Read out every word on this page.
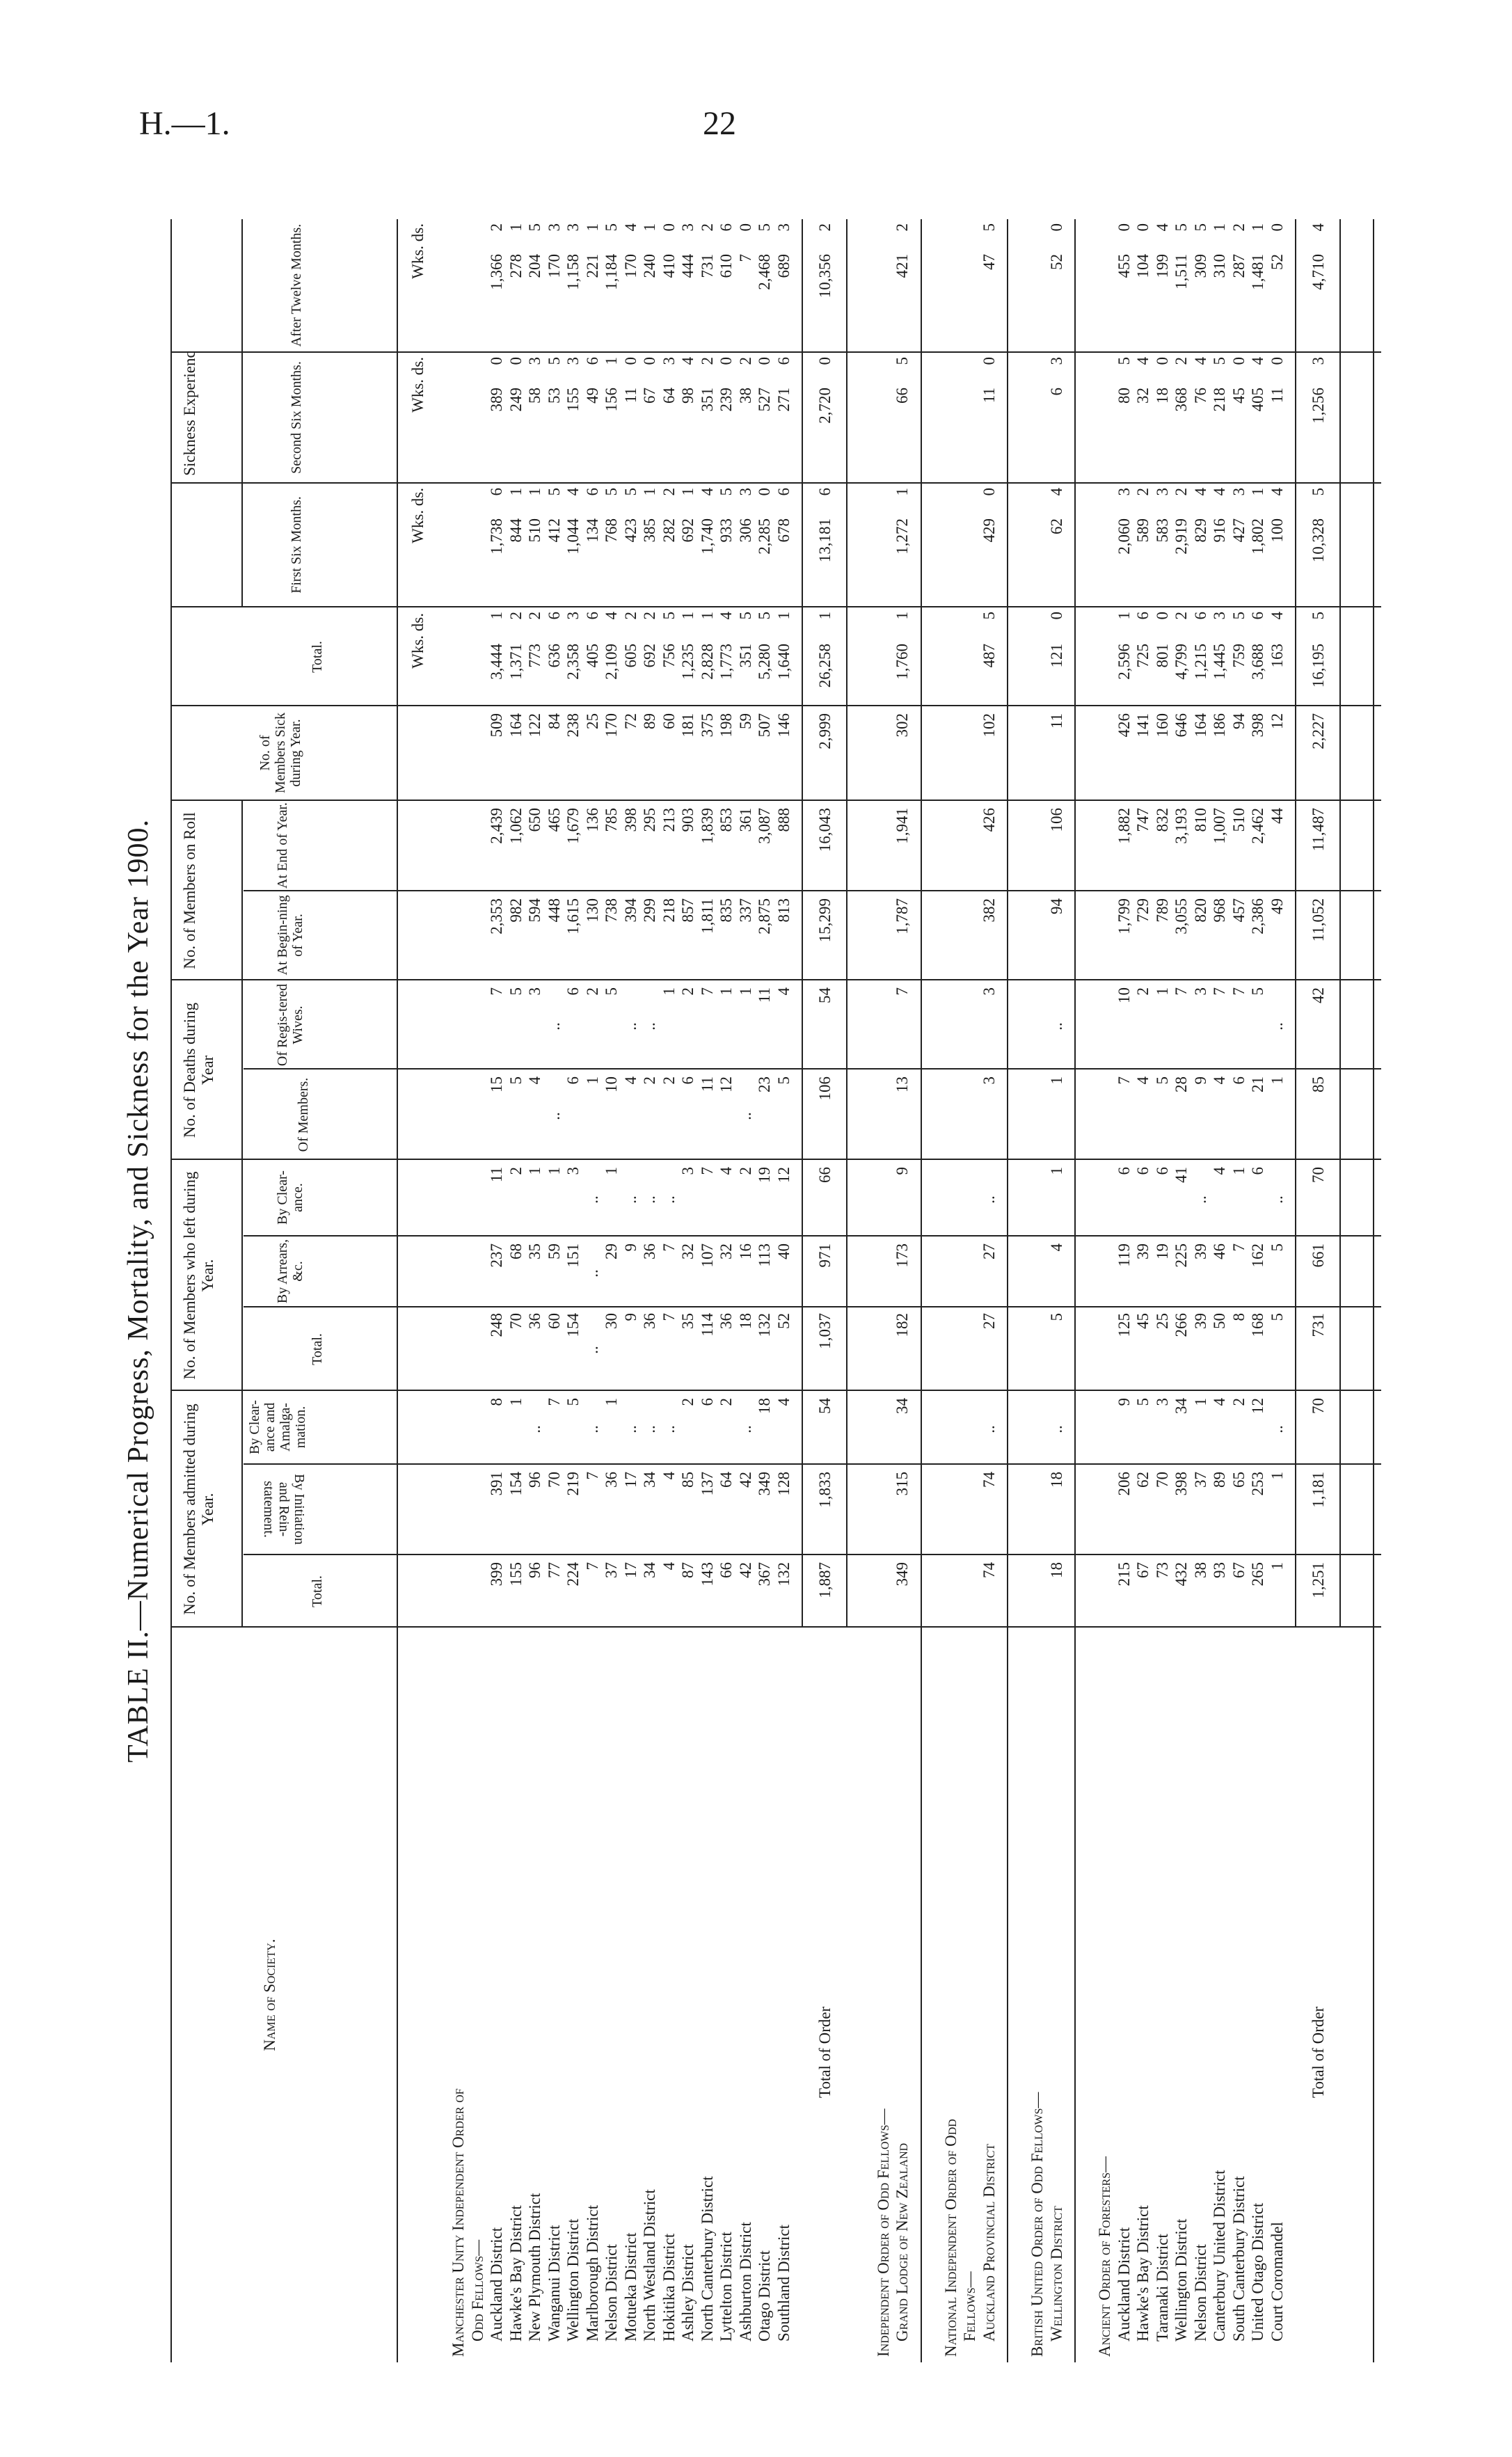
H.—1.	22
TABLE II.—Numerical Progress, Mortality, and Sickness for the Year 1900.
Name of Society.
No. of Members admitted during Year.
Total.
By Initiation and Rein-statement.
By Clear-ance and Amalga-mation.
No. of Members who left during Year.
Total.
By Arrears, &c.
By Clear-ance.
No. of Deaths during Year
Of Members.
Of Regis-tered Wives.
No. of Members on Roll	At Begin-ning of Year.
At End of Year.
No. of Members Sick during Year.
Sickness Experienc
Total.
First Six Months.
Second Six Months.
After Twelve Months.
Wks. ds.
Wks. ds.
Wks. ds.
Wks. ds.
Manchester Unity Independent Order of Odd Fellows— Auckland District
399
391
8
248
237
11
15
7
2,353
2,439
509
3,444
1
1,738
6
389
0
1,366
2
Hawke's Bay District
155
154
1
70
68
2
5
5
982
1,062
164
1,371
2
844
1
249
0
278
1
New Plymouth District
96
96
..
36
35
1
4
3
594
650
122
773
2
510
1
58
3
204
5
Wanganui District
77
70
7
60
59
1
..
..
448
465
84
636
6
412
5
53
5
170
3
Wellington District
224
219
5
154
151
3
6
6
1,615
1,679
238
2,358
3
1,044
4
155
3
1,158
3
Marlborough District
7
7
..
..
..
..
1
2
130
136
25
405
6
134
6
49
6
221
1
Nelson District
37
36
1
30
29
1
10
5
738
785
170
2,109
4
768
5
156
1
1,184
5
Motueka District
17
17
..
9
9
..
4
..
394
398
72
605
2
423
5
11
0
170
4
North Westland District
34
34
..
36
36
..
2
..
299
295
89
692
2
385
1
67
0
240
1
Hokitika District
4
4
..
7
7
..
2
1
218
213
60
756
5
282
2
64
3
410
0
Ashley District
87
85
2
35
32
3
6
2
857
903
181
1,235
1
692
1
98
4
444
3
North Canterbury District
143
137
6
114
107
7
11
7
1,811
1,839
375
2,828
1
1,740
4
351
2
731
2
Lyttelton District
66
64
2
36
32
4
12
1
835
853
198
1,773
4
933
5
239
0
610
6
Ashburton District
42
42
..
18
16
2
..
1
337
361
59
351
5
306
3
38
2
7
0
Otago District
367
349
18
132
113
19
23
11
2,875
3,087
507
5,280
5
2,285
0
527
0
2,468
5
Southland District
132
128
4
52
40
12
5
4
813
888
146
1,640
1
678
6
271
6
689
3
Total of Order
1,887
1,833
54
1,037
971
66
106
54
15,299
16,043
2,999
26,258
1
13,181
6
2,720
0
10,356
2
Independent Order of Odd Fellows— Grand Lodge of New Zealand
349
315
34
182
173
9
13
7
1,787
1,941
302
1,760
1
1,272
1
66
5
421
2
National Independent Order of Odd Fellows— Auckland Provincial District
74
74
..
27
27
..
3
3
382
426
102
487
5
429
0
11
0
47
5
British United Order of Odd Fellows— Wellington District
18
18
..
5
4
1
1
..
94
106
11
121
0
62
4
6
3
52
0
Ancient Order of Foresters— Auckland District
215
206
9
125
119
6
7
10
1,799
1,882
426
2,596
1
2,060
3
80
5
455
0
Hawke's Bay District
67
62
5
45
39
6
4
2
729
747
141
725
6
589
2
32
4
104
0
Taranaki District
73
70
3
25
19
6
5
1
789
832
160
801
0
583
3
18
0
199
4
Wellington District
432
398
34
266
225
41
28
7
3,055
3,193
646
4,799
2
2,919
2
368
2
1,511
5
Nelson District
38
37
1
39
39
..
9
3
820
810
164
1,215
6
829
4
76
4
309
5
Canterbury United District
93
89
4
50
46
4
4
7
968
1,007
186
1,445
3
916
4
218
5
310
1
South Canterbury District
67
65
2
8
7
1
6
7
457
510
94
759
5
427
3
45
0
287
2
United Otago District
265
253
12
168
162
6
21
5
2,386
2,462
398
3,688
6
1,802
1
405
4
1,481
1
Court Coromandel
1
1
..
5
5
..
1
..
49
44
12
163
4
100
4
11
0
52
0
Total of Order
1,251
1,181
70
731
661
70
85
42
11,052
11,487
2,227
16,195
5
10,328
5
1,256
3
4,710
4
